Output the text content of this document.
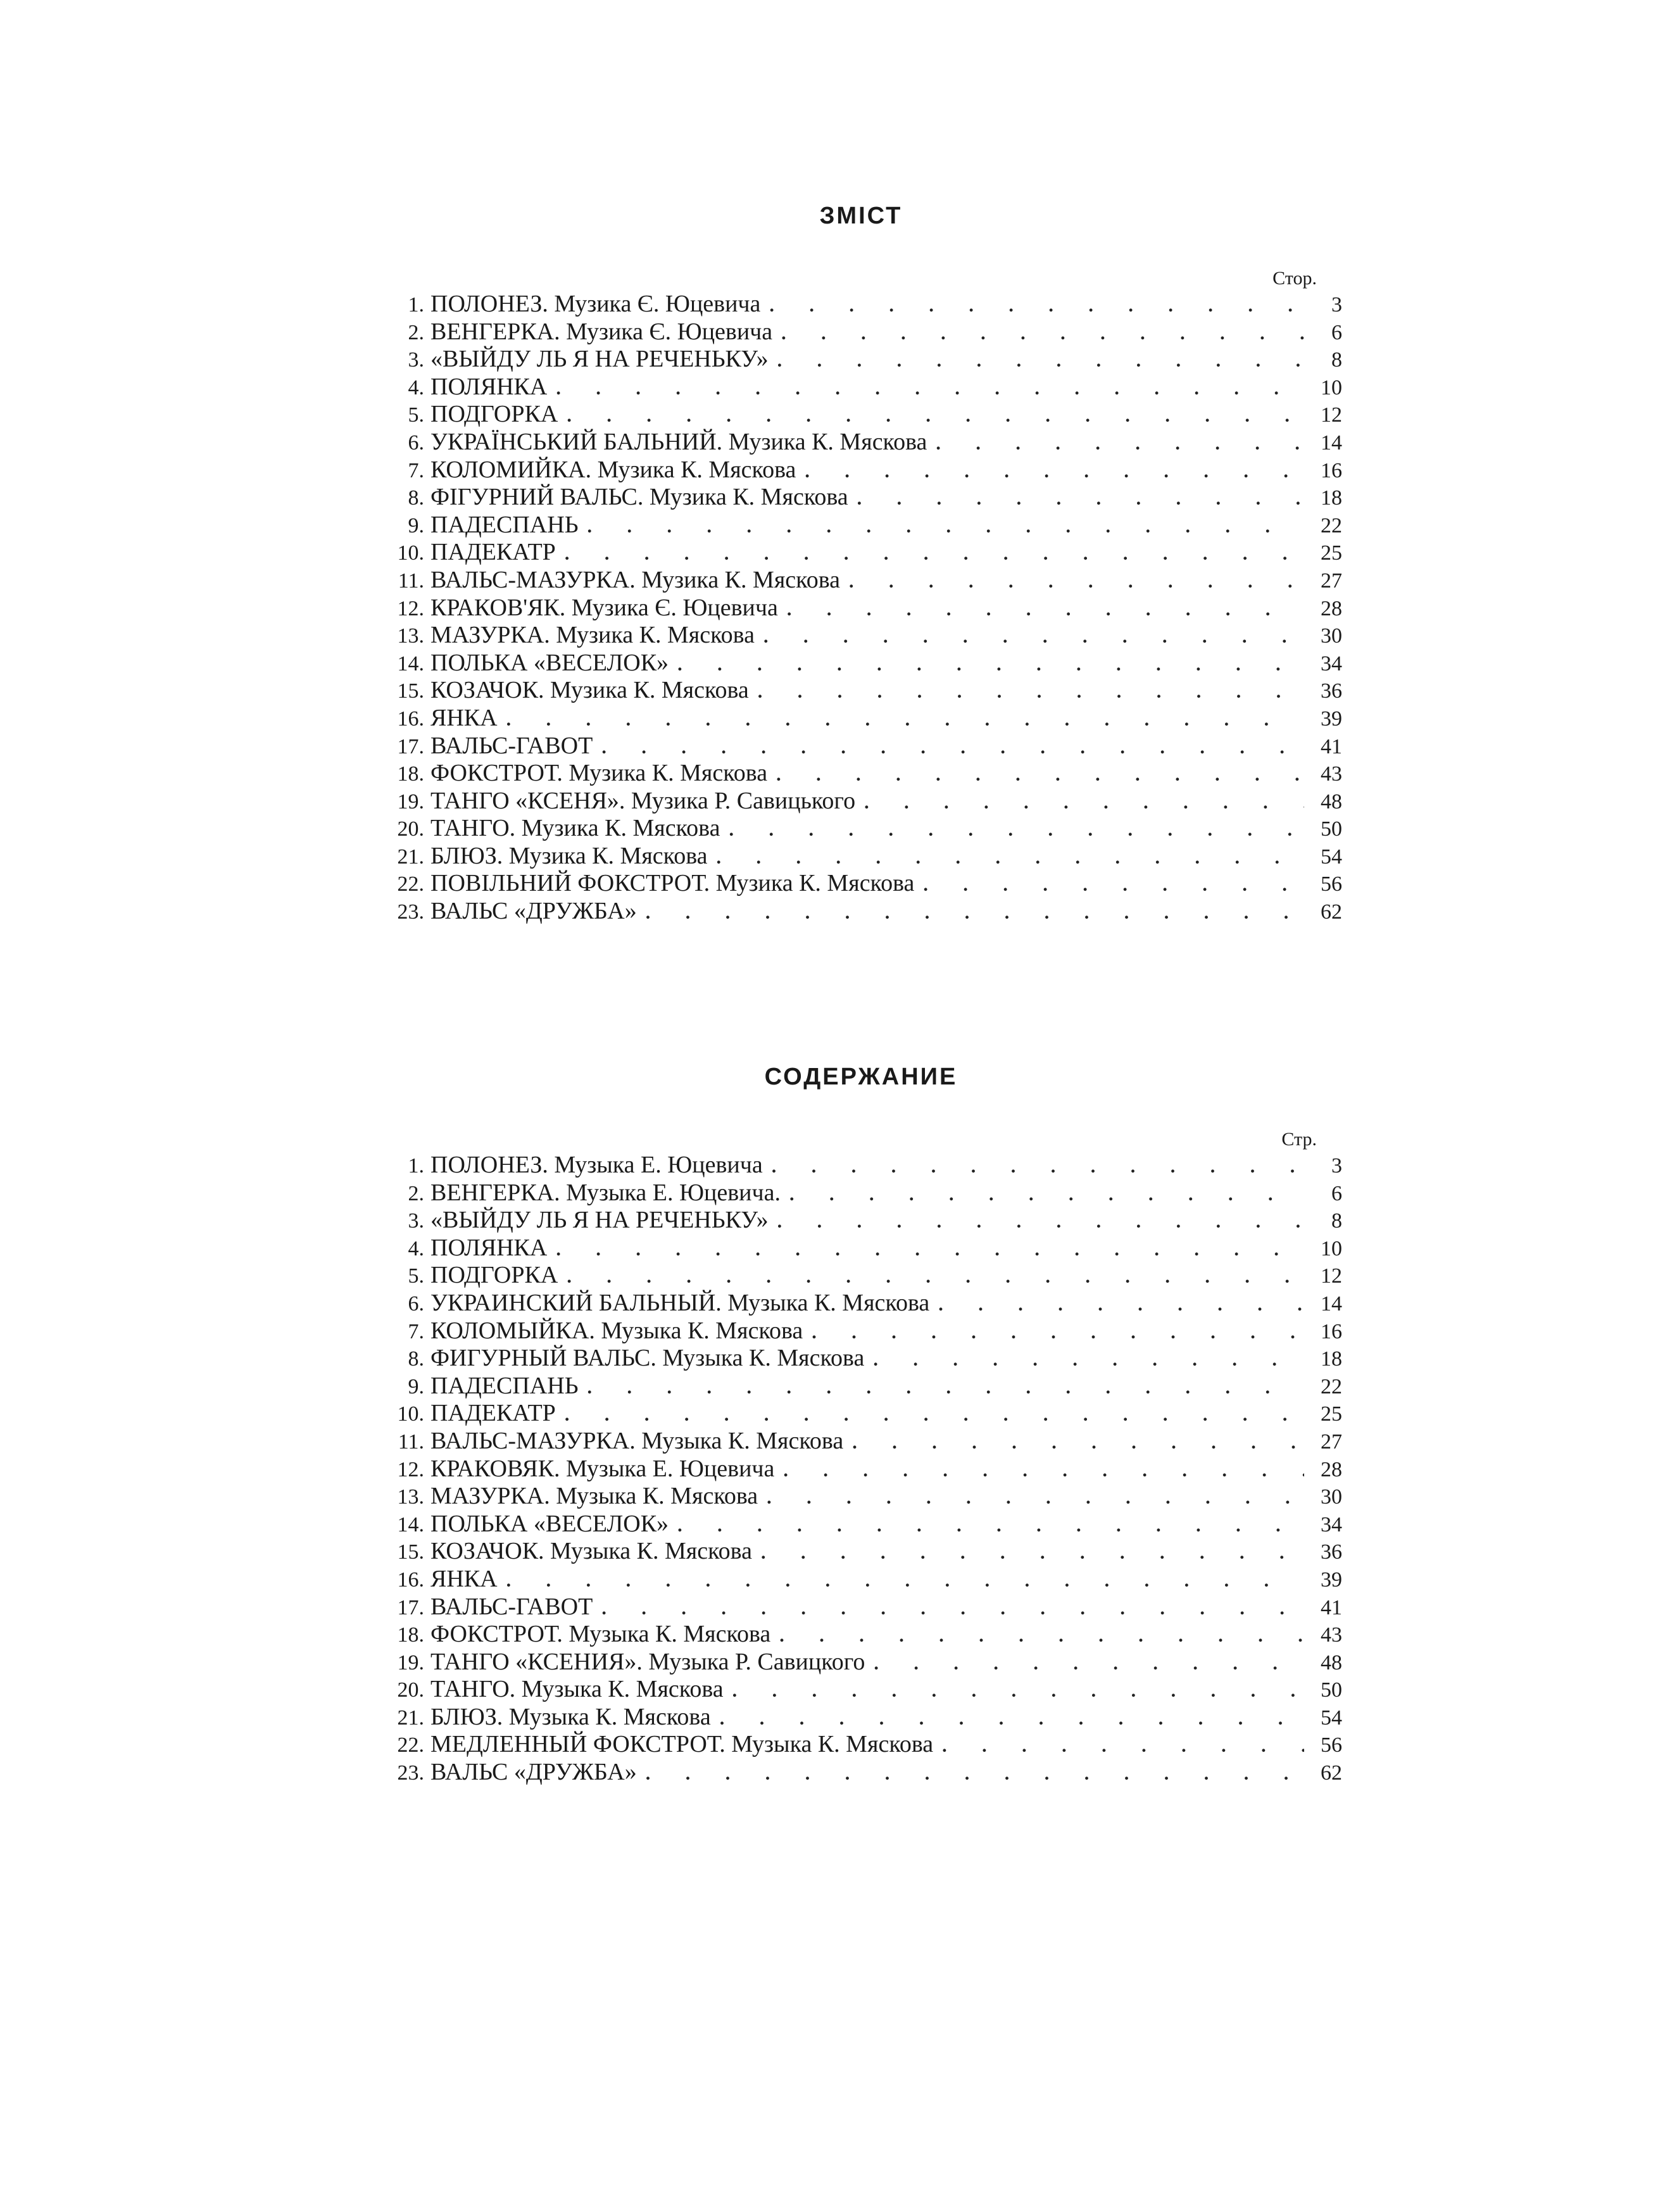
ЗМІСТ
Стор.
1. ПОЛОНЕЗ. Музика Є. Юцевича . . .	3
2. ВЕНГЕРКА. Музика Є. Юцевича . . .	6
3. «ВЫЙДУ ЛЬ Я НА РЕЧЕНЬКУ» . . .	8
4. ПОЛЯНКА . . .	10
5. ПОДГОРКА . . .	12
6. УКРАЇНСЬКИЙ БАЛЬНИЙ. Музика К. Мяскова . . .	14
7. КОЛОМИЙКА. Музика К. Мяскова . . .	16
8. ФІГУРНИЙ ВАЛЬС. Музика К. Мяскова . . .	18
9. ПАДЕСПАНЬ . . .	22
10. ПАДЕКАТР . . .	25
11. ВАЛЬС-МАЗУРКА. Музика К. Мяскова . . .	27
12. КРАКОВ'ЯК. Музика Є. Юцевича . . .	28
13. МАЗУРКА. Музика К. Мяскова . . .	30
14. ПОЛЬКА «ВЕСЕЛОК» . . .	34
15. КОЗАЧОК. Музика К. Мяскова . . .	36
16. ЯНКА . . .	39
17. ВАЛЬС-ГАВОТ . . .	41
18. ФОКСТРОТ. Музика К. Мяскова . . .	43
19. ТАНГО «КСЕНЯ». Музика Р. Савицького . . .	48
20. ТАНГО. Музика К. Мяскова . . .	50
21. БЛЮЗ. Музика К. Мяскова . . .	54
22. ПОВІЛЬНИЙ ФОКСТРОТ. Музика К. Мяскова . . .	56
23. ВАЛЬС «ДРУЖБА» . . .	62
СОДЕРЖАНИЕ
Стр.
1. ПОЛОНЕЗ. Музыка Е. Юцевича . . .	3
2. ВЕНГЕРКА. Музыка Е. Юцевича. . . .	6
3. «ВЫЙДУ ЛЬ Я НА РЕЧЕНЬКУ» . . .	8
4. ПОЛЯНКА . . .	10
5. ПОДГОРКА . . .	12
6. УКРАИНСКИЙ БАЛЬНЫЙ. Музыка К. Мяскова . . .	14
7. КОЛОМЫЙКА. Музыка К. Мяскова . . .	16
8. ФИГУРНЫЙ ВАЛЬС. Музыка К. Мяскова . . .	18
9. ПАДЕСПАНЬ . . .	22
10. ПАДЕКАТР . . .	25
11. ВАЛЬС-МАЗУРКА. Музыка К. Мяскова . . .	27
12. КРАКОВЯК. Музыка Е. Юцевича . . .	28
13. МАЗУРКА. Музыка К. Мяскова . . .	30
14. ПОЛЬКА «ВЕСЕЛОК» . . .	34
15. КОЗАЧОК. Музыка К. Мяскова . . .	36
16. ЯНКА . . .	39
17. ВАЛЬС-ГАВОТ . . .	41
18. ФОКСТРОТ. Музыка К. Мяскова . . .	43
19. ТАНГО «КСЕНИЯ». Музыка Р. Савицкого . . .	48
20. ТАНГО. Музыка К. Мяскова . . .	50
21. БЛЮЗ. Музыка К. Мяскова . . .	54
22. МЕДЛЕННЫЙ ФОКСТРОТ. Музыка К. Мяскова . . .	56
23. ВАЛЬС «ДРУЖБА» . . .	62
